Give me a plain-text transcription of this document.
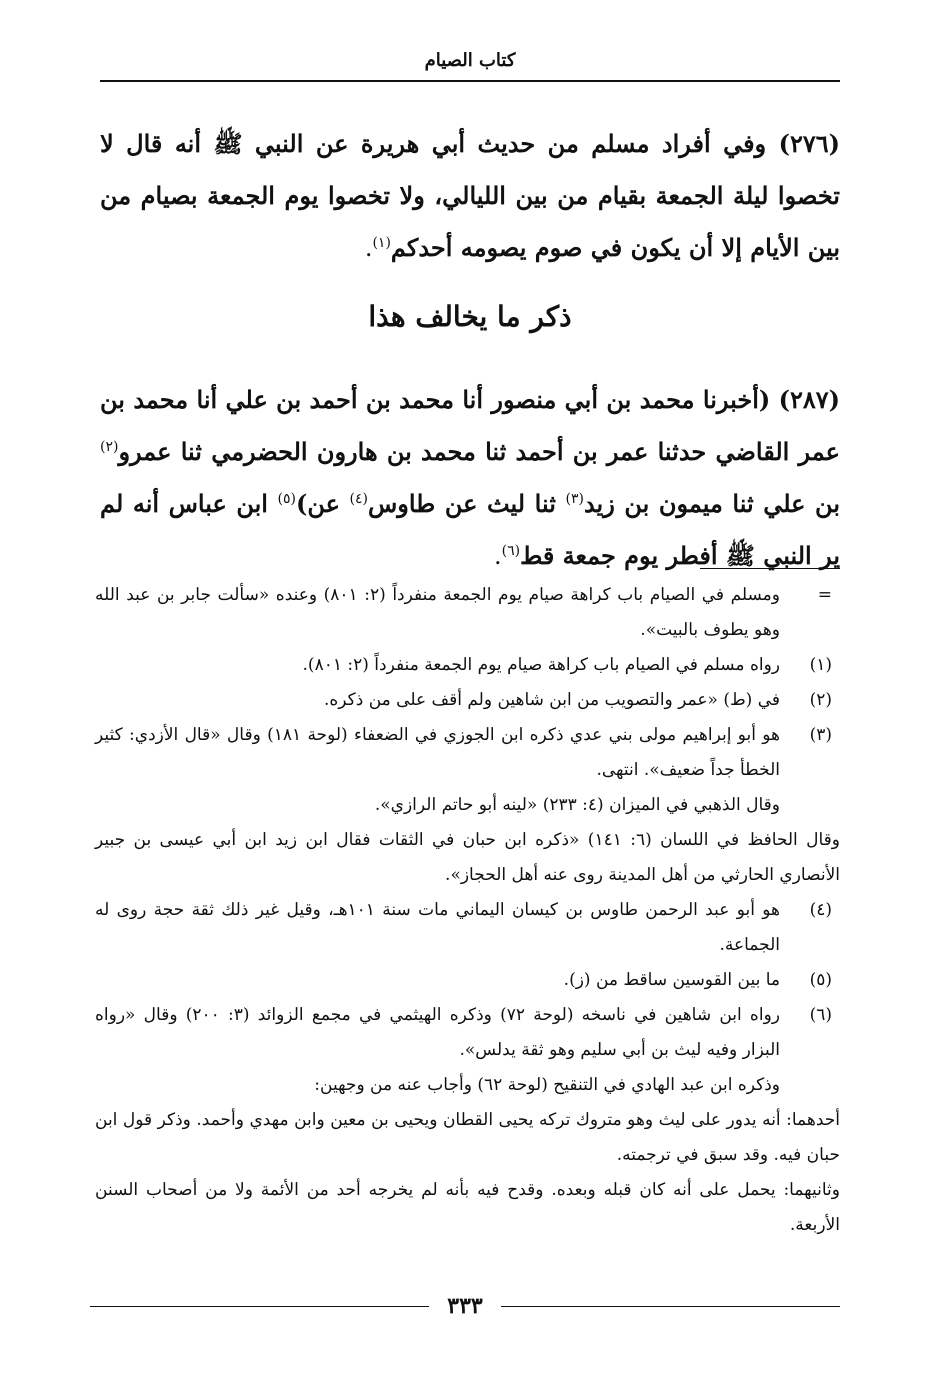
كتاب الصيام
(٢٧٦) وفي أفراد مسلم من حديث أبي هريرة عن النبي ﷺ أنه قال لا تخصوا ليلة الجمعة بقيام من بين الليالي، ولا تخصوا يوم الجمعة بصيام من بين الأيام إلا أن يكون في صوم يصومه أحدكم$^{(١)}$.
ذكر ما يخالف هذا
(٢٨٧) (أخبرنا محمد بن أبي منصور أنا محمد بن أحمد بن علي أنا محمد بن عمر القاضي حدثنا عمر بن أحمد ثنا محمد بن هارون الحضرمي ثنا عمرو$^{(٢)}$ بن علي ثنا ميمون بن زيد$^{(٣)}$ ثنا ليث عن طاوس$^{(٤)}$ عن)$^{(٥)}$ ابن عباس أنه لم ير النبي ﷺ أفطر يوم جمعة قط$^{(٦)}$.
=
ومسلم في الصيام باب كراهة صيام يوم الجمعة منفرداً (٢: ٨٠١) وعنده «سألت جابر بن عبد الله وهو يطوف بالبيت».
(١)
رواه مسلم في الصيام باب كراهة صيام يوم الجمعة منفرداً (٢: ٨٠١).
(٢)
في (ط) «عمر والتصويب من ابن شاهين ولم أقف على من ذكره.
(٣)
هو أبو إبراهيم مولى بني عدي ذكره ابن الجوزي في الضعفاء (لوحة ١٨١) وقال «قال الأزدي: كثير الخطأ جداً ضعيف». انتهى.
وقال الذهبي في الميزان (٤: ٢٣٣) «لينه أبو حاتم الرازي».
وقال الحافظ في اللسان (٦: ١٤١) «ذكره ابن حبان في الثقات فقال ابن زيد ابن أبي عيسى بن جبير الأنصاري الحارثي من أهل المدينة روى عنه أهل الحجاز».
(٤)
هو أبو عبد الرحمن طاوس بن كيسان اليماني مات سنة ١٠١هـ، وقيل غير ذلك ثقة حجة روى له الجماعة.
(٥)
ما بين القوسين ساقط من (ز).
(٦)
رواه ابن شاهين في ناسخه (لوحة ٧٢) وذكره الهيثمي في مجمع الزوائد (٣: ٢٠٠) وقال «رواه البزار وفيه ليث بن أبي سليم وهو ثقة يدلس».
وذكره ابن عبد الهادي في التنقيح (لوحة ٦٢) وأجاب عنه من وجهين:
أحدهما: أنه يدور على ليث وهو متروك تركه يحيى القطان ويحيى بن معين وابن مهدي وأحمد. وذكر قول ابن حبان فيه. وقد سبق في ترجمته.
وثانيهما: يحمل على أنه كان قبله وبعده. وقدح فيه بأنه لم يخرجه أحد من الأئمة ولا من أصحاب السنن الأربعة.
٣٣٣
